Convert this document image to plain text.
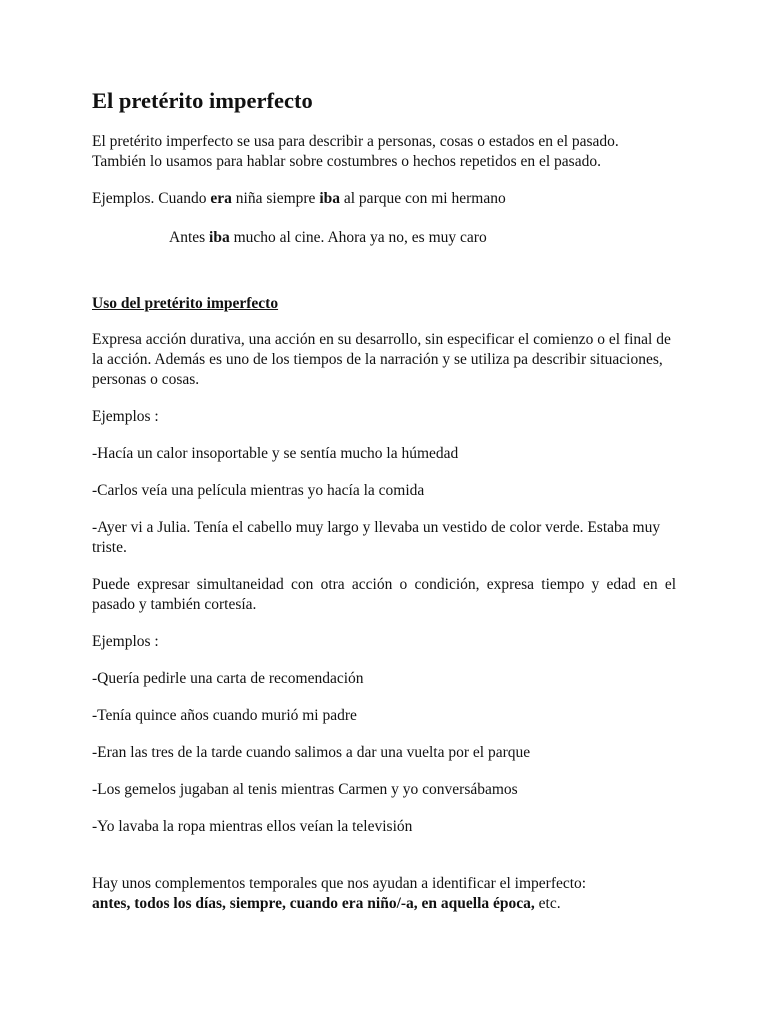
El pretérito imperfecto

El pretérito imperfecto se usa para describir a personas, cosas o estados en el pasado. También lo usamos para hablar sobre costumbres o hechos repetidos en el pasado.

Ejemplos. Cuando era niña siempre iba al parque con mi hermano

Antes iba mucho al cine. Ahora ya no, es muy caro

Uso del pretérito imperfecto

Expresa acción durativa, una acción en su desarrollo, sin especificar el comienzo o el final de la acción. Además es uno de los tiempos de la narración y se utiliza pa describir situaciones, personas o cosas.

Ejemplos :

-Hacía un calor insoportable y se sentía mucho la húmedad

-Carlos veía una película mientras yo hacía la comida

-Ayer vi a Julia. Tenía el cabello muy largo y llevaba un vestido de color verde. Estaba muy triste.

Puede expresar simultaneidad con otra acción o condición, expresa tiempo y edad en el pasado y también cortesía.

Ejemplos :

-Quería pedirle una carta de recomendación

-Tenía quince años cuando murió mi padre

-Eran las tres de la tarde cuando salimos a dar una vuelta por el parque

-Los gemelos jugaban al tenis mientras Carmen y yo conversábamos

-Yo lavaba la ropa mientras ellos veían la televisión

Hay unos complementos temporales que nos ayudan a identificar el imperfecto:
antes, todos los días, siempre, cuando era niño/-a, en aquella época, etc.
